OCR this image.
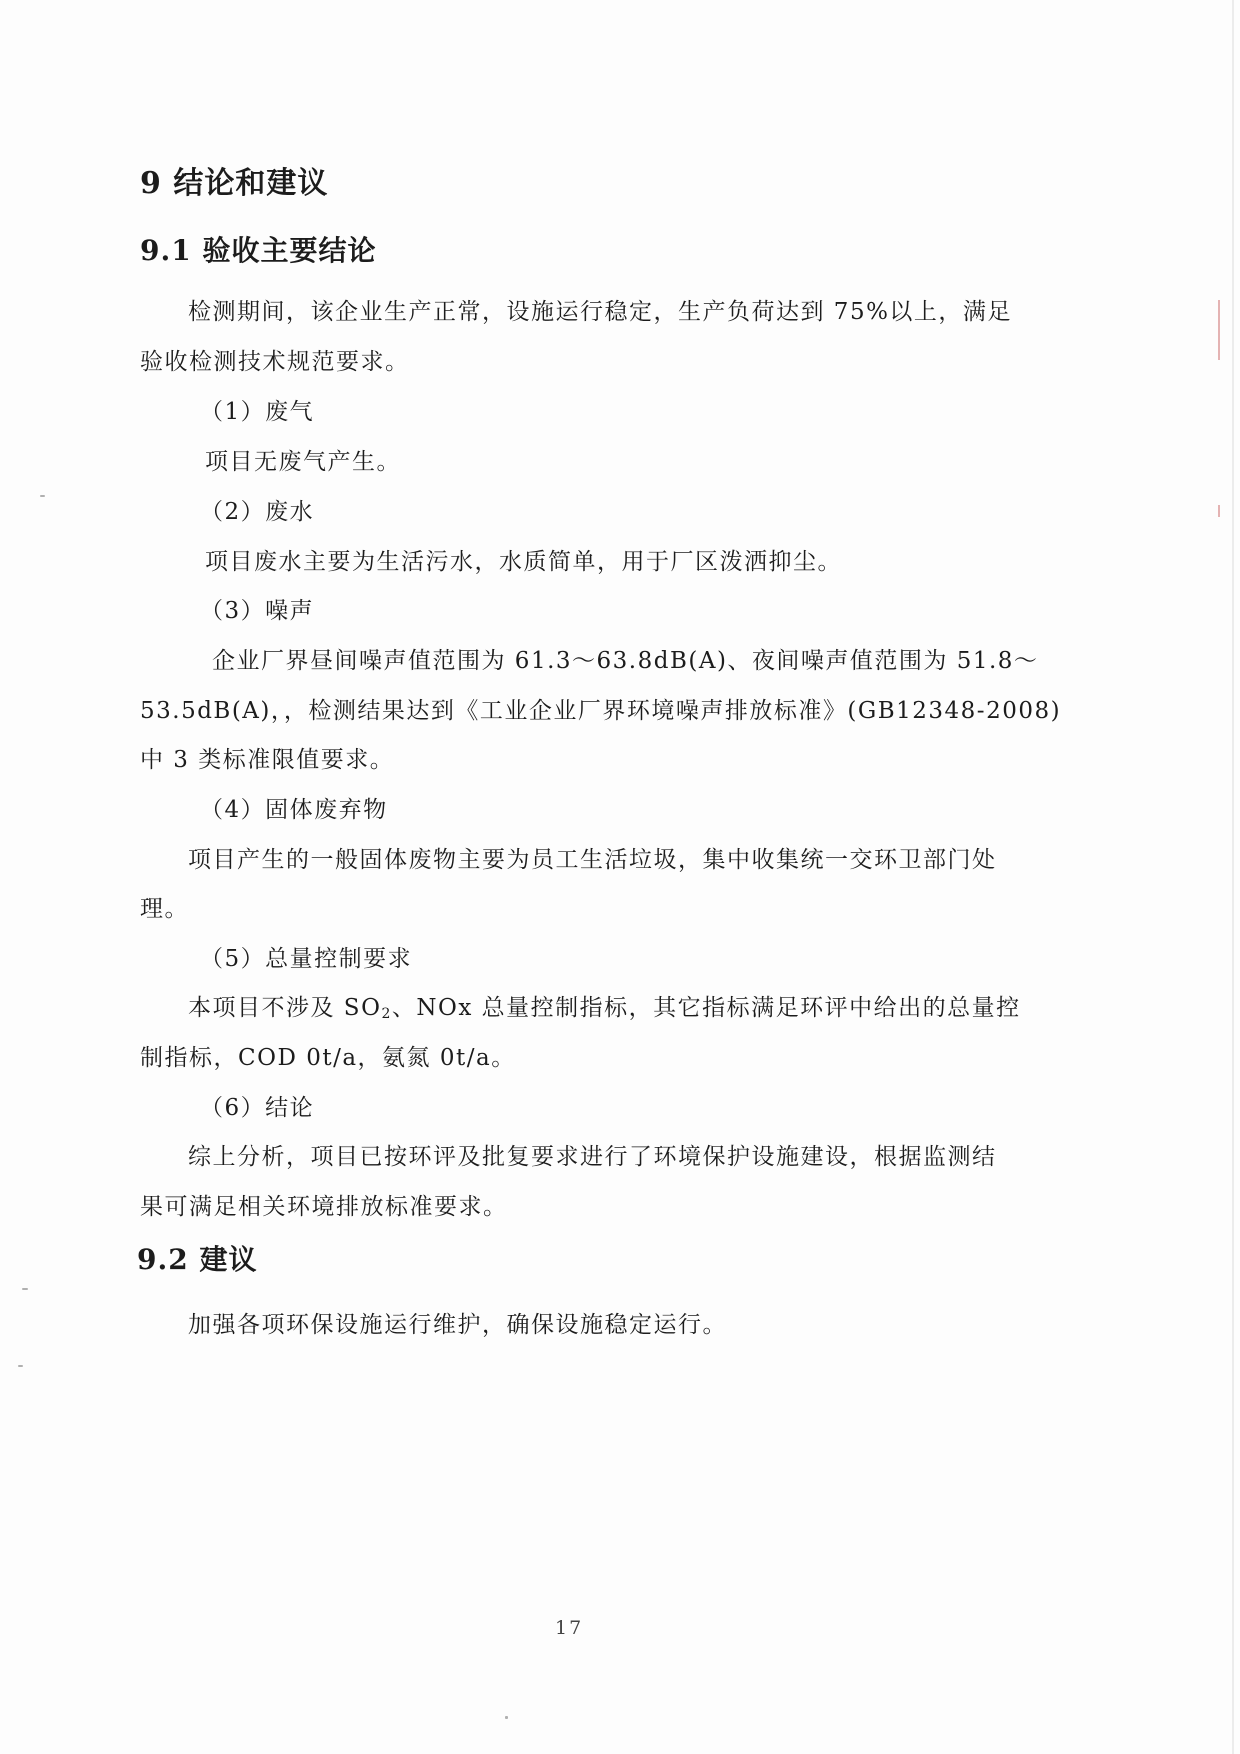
9 结论和建议
9.1 验收主要结论
检测期间，该企业生产正常，设施运行稳定，生产负荷达到 75%以上，满足
验收检测技术规范要求。
（1）废气
项目无废气产生。
（2）废水
项目废水主要为生活污水，水质简单，用于厂区泼洒抑尘。
（3）噪声
企业厂界昼间噪声值范围为 61.3～63.8dB(A)、夜间噪声值范围为 51.8～
53.5dB(A)，，检测结果达到《工业企业厂界环境噪声排放标准》(GB12348-2008)
中 3 类标准限值要求。
（4）固体废弃物
项目产生的一般固体废物主要为员工生活垃圾，集中收集统一交环卫部门处
理。
（5）总量控制要求
本项目不涉及 $SO_2$、NOx 总量控制指标，其它指标满足环评中给出的总量控
制指标，COD 0t/a，氨氮 0t/a。
（6）结论
综上分析，项目已按环评及批复要求进行了环境保护设施建设，根据监测结
果可满足相关环境排放标准要求。
9.2 建议
加强各项环保设施运行维护，确保设施稳定运行。
17
